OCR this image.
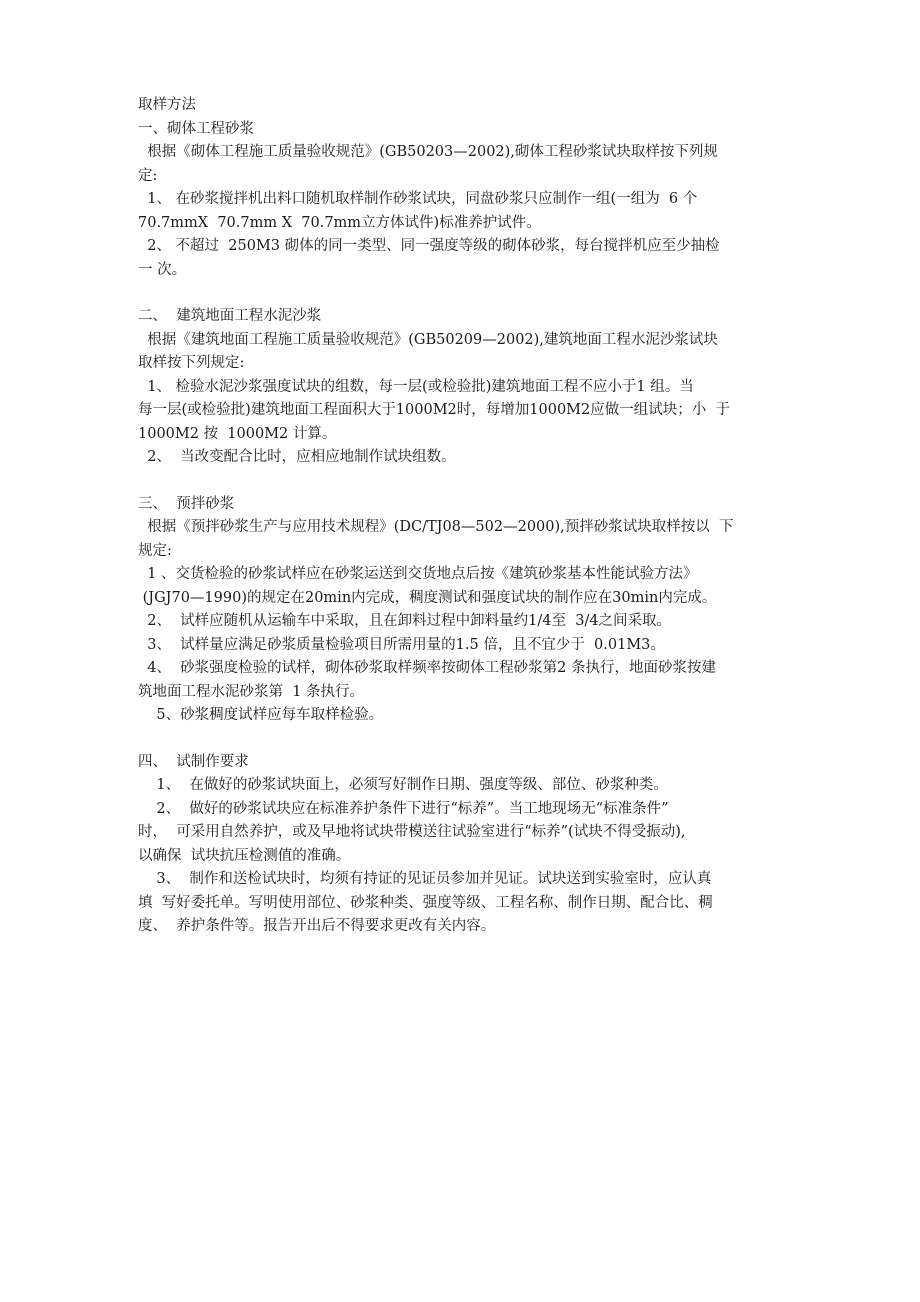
取样方法

一、砌体工程砂浆

根据《砌体工程施工质量验收规范》(GB50203—2002),砌体工程砂浆试块取样按下列规

定:

1、 在砂浆搅拌机出料口随机取样制作砂浆试块，同盘砂浆只应制作一组(一组为  6 个

70.7mmX  70.7mm X  70.7mm立方体试件)标准养护试件。

2、 不超过  250M3 砌体的同一类型、同一强度等级的砌体砂浆，每台搅拌机应至少抽检

一 次。

二、  建筑地面工程水泥沙浆

根据《建筑地面工程施工质量验收规范》(GB50209—2002),建筑地面工程水泥沙浆试块

取样按下列规定:

1、 检验水泥沙浆强度试块的组数，每一层(或检验批)建筑地面工程不应小于1 组。当

每一层(或检验批)建筑地面工程面积大于1000M2时，每增加1000M2应做一组试块；小  于

1000M2 按  1000M2 计算。

2、  当改变配合比时，应相应地制作试块组数。

三、  预拌砂浆

根据《预拌砂浆生产与应用技术规程》(DC/TJ08—502—2000),预拌砂浆试块取样按以  下

规定:

1 、交货检验的砂浆试样应在砂浆运送到交货地点后按《建筑砂浆基本性能试验方法》

(JGJ70—1990)的规定在20min内完成，稠度测试和强度试块的制作应在30min内完成。

2、  试样应随机从运输车中采取，且在卸料过程中卸料量约1/4至  3/4之间采取。

3、  试样量应满足砂浆质量检验项目所需用量的1.5 倍，且不宜少于  0.01M3。

4、  砂浆强度检验的试样，砌体砂浆取样频率按砌体工程砂浆第2 条执行，地面砂浆按建

筑地面工程水泥砂浆第  1 条执行。

5、砂浆稠度试样应每车取样检验。

四、  试制作要求

1、  在做好的砂浆试块面上，必须写好制作日期、强度等级、部位、砂浆种类。

2、  做好的砂浆试块应在标准养护条件下进行“标养”。当工地现场无“标准条件”

时，  可采用自然养护，或及早地将试块带模送往试验室进行“标养”(试块不得受振动),

以确保  试块抗压检测值的准确。

3、  制作和送检试块时，均须有持证的见证员参加并见证。试块送到实验室时，应认真

填  写好委托单。写明使用部位、砂浆种类、强度等级、工程名称、制作日期、配合比、稠

度、  养护条件等。报告开出后不得要求更改有关内容。
